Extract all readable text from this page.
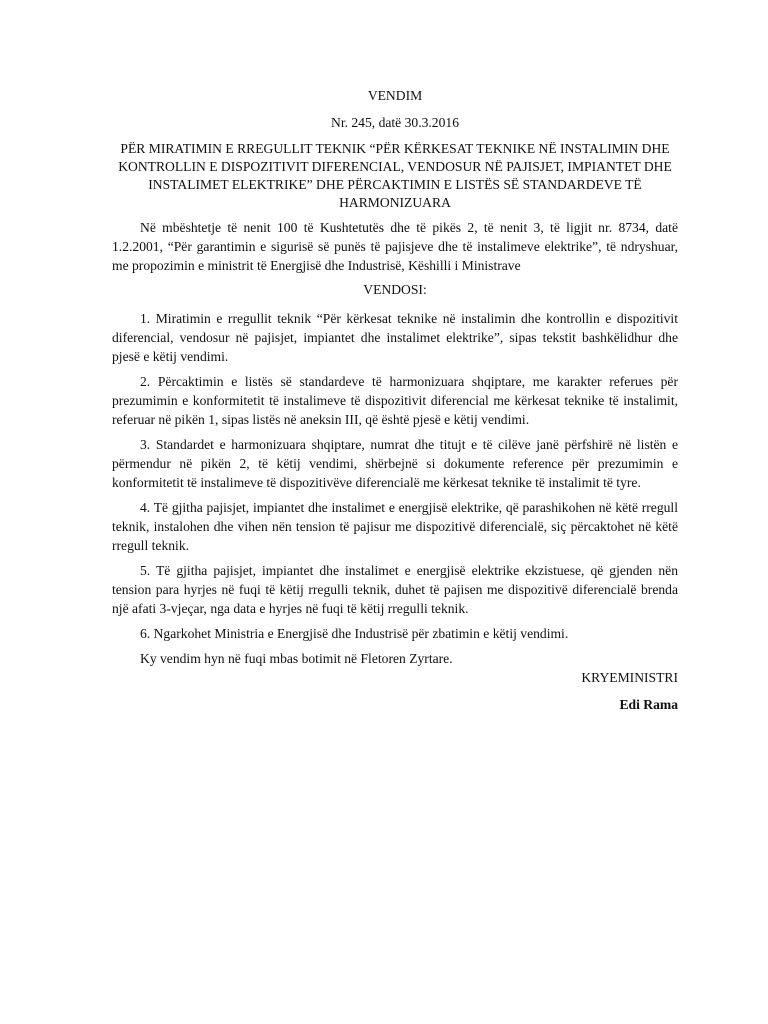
VENDIM

Nr. 245, datë 30.3.2016

PËR MIRATIMIN E RREGULLIT TEKNIK “PËR KËRKESAT TEKNIKE NË INSTALIMIN DHE KONTROLLIN E DISPOZITIVIT DIFERENCIAL, VENDOSUR NË PAJISJET, IMPIANTET DHE INSTALIMET ELEKTRIKE” DHE PËRCAKTIMIN E LISTËS SË STANDARDEVE TË HARMONIZUARA

Në mbështetje të nenit 100 të Kushtetutës dhe të pikës 2, të nenit 3, të ligjit nr. 8734, datë 1.2.2001, “Për garantimin e sigurisë së punës të pajisjeve dhe të instalimeve elektrike”, të ndryshuar, me propozimin e ministrit të Energjisë dhe Industrisë, Këshilli i Ministrave

VENDOSI:

1. Miratimin e rregullit teknik “Për kërkesat teknike në instalimin dhe kontrollin e dispozitivit diferencial, vendosur në pajisjet, impiantet dhe instalimet elektrike”, sipas tekstit bashkëlidhur dhe pjesë e këtij vendimi.

2. Përcaktimin e listës së standardeve të harmonizuara shqiptare, me karakter referues për prezumimin e konformitetit të instalimeve të dispozitivit diferencial me kërkesat teknike të instalimit, referuar në pikën 1, sipas listës në aneksin III, që është pjesë e këtij vendimi.

3. Standardet e harmonizuara shqiptare, numrat dhe titujt e të cilëve janë përfshirë në listën e përmendur në pikën 2, të këtij vendimi, shërbejnë si dokumente reference për prezumimin e konformitetit të instalimeve të dispozitivëve diferencialë me kërkesat teknike të instalimit të tyre.

4. Të gjitha pajisjet, impiantet dhe instalimet e energjisë elektrike, që parashikohen në këtë rregull teknik, instalohen dhe vihen nën tension të pajisur me dispozitivë diferencialë, siç përcaktohet në këtë rregull teknik.

5. Të gjitha pajisjet, impiantet dhe instalimet e energjisë elektrike ekzistuese, që gjenden nën tension para hyrjes në fuqi të këtij rregulli teknik, duhet të pajisen me dispozitivë diferencialë brenda një afati 3-vjeçar, nga data e hyrjes në fuqi të këtij rregulli teknik.

6. Ngarkohet Ministria e Energjisë dhe Industrisë për zbatimin e këtij vendimi.

Ky vendim hyn në fuqi mbas botimit në Fletoren Zyrtare.

KRYEMINISTRI

Edi Rama
